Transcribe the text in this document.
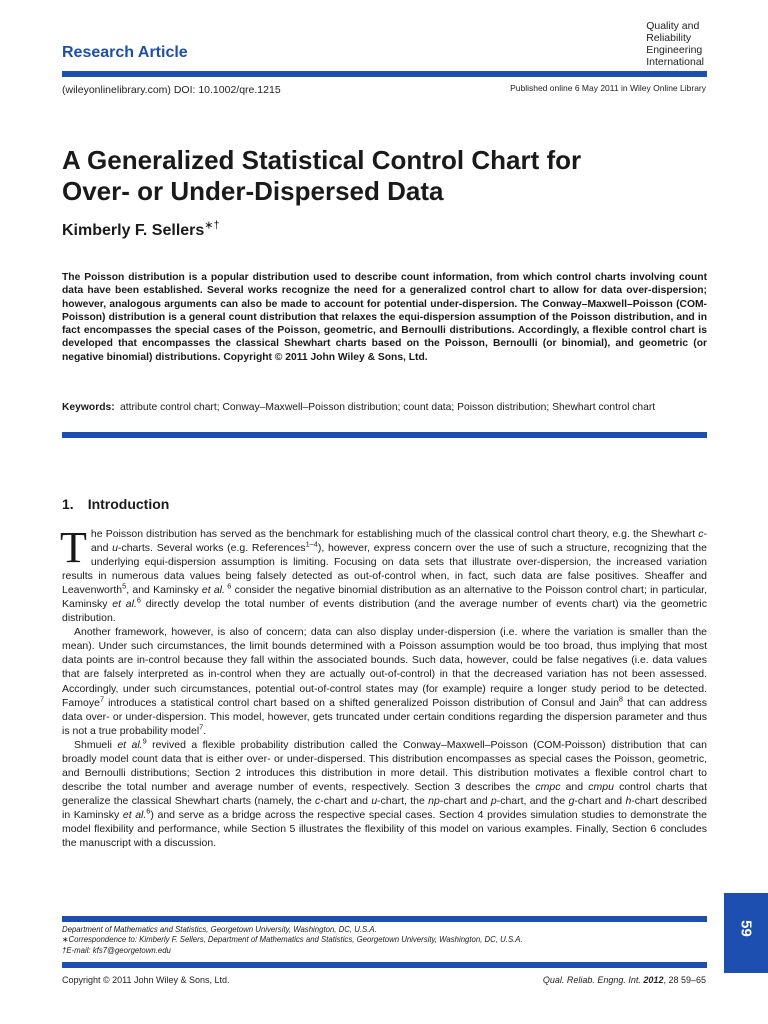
Quality and
Reliability
Engineering
International
Research Article
(wileyonlinelibrary.com) DOI: 10.1002/qre.1215	Published online 6 May 2011 in Wiley Online Library
A Generalized Statistical Control Chart for
Over- or Under-Dispersed Data
Kimberly F. Sellers∗†
The Poisson distribution is a popular distribution used to describe count information, from which control charts involving count data have been established. Several works recognize the need for a generalized control chart to allow for data over-dispersion; however, analogous arguments can also be made to account for potential under-dispersion. The Conway–Maxwell–Poisson (COM-Poisson) distribution is a general count distribution that relaxes the equi-dispersion assumption of the Poisson distribution, and in fact encompasses the special cases of the Poisson, geometric, and Bernoulli distributions. Accordingly, a flexible control chart is developed that encompasses the classical Shewhart charts based on the Poisson, Bernoulli (or binomial), and geometric (or negative binomial) distributions. Copyright © 2011 John Wiley & Sons, Ltd.
Keywords: attribute control chart; Conway–Maxwell–Poisson distribution; count data; Poisson distribution; Shewhart control chart
1. Introduction

The Poisson distribution has served as the benchmark for establishing much of the classical control chart theory, e.g. the Shewhart c- and u-charts. Several works (e.g. References$^{1-4}$), however, express concern over the use of such a structure, recognizing that the underlying equi-dispersion assumption is limiting. Focusing on data sets that illustrate over-dispersion, the increased variation results in numerous data values being falsely detected as out-of-control when, in fact, such data are false positives. Sheaffer and Leavenworth$^5$, and Kaminsky et al. $^6$ consider the negative binomial distribution as an alternative to the Poisson control chart; in particular, Kaminsky et al.$^6$ directly develop the total number of events distribution (and the average number of events chart) via the geometric distribution.

Another framework, however, is also of concern; data can also display under-dispersion (i.e. where the variation is smaller than the mean). Under such circumstances, the limit bounds determined with a Poisson assumption would be too broad, thus implying that most data points are in-control because they fall within the associated bounds. Such data, however, could be false negatives (i.e. data values that are falsely interpreted as in-control when they are actually out-of-control) in that the decreased variation has not been assessed. Accordingly, under such circumstances, potential out-of-control states may (for example) require a longer study period to be detected. Famoye$^7$ introduces a statistical control chart based on a shifted generalized Poisson distribution of Consul and Jain$^8$ that can address data over- or under-dispersion. This model, however, gets truncated under certain conditions regarding the dispersion parameter and thus is not a true probability model$^7$.

Shmueli et al.$^9$ revived a flexible probability distribution called the Conway–Maxwell–Poisson (COM-Poisson) distribution that can broadly model count data that is either over- or under-dispersed. This distribution encompasses as special cases the Poisson, geometric, and Bernoulli distributions; Section 2 introduces this distribution in more detail. This distribution motivates a flexible control chart to describe the total number and average number of events, respectively. Section 3 describes the cmpc and cmpu control charts that generalize the classical Shewhart charts (namely, the c-chart and u-chart, the np-chart and p-chart, and the g-chart and h-chart described in Kaminsky et al.$^6$) and serve as a bridge across the respective special cases. Section 4 provides simulation studies to demonstrate the model flexibility and performance, while Section 5 illustrates the flexibility of this model on various examples. Finally, Section 6 concludes the manuscript with a discussion.

Department of Mathematics and Statistics, Georgetown University, Washington, DC, U.S.A.
∗Correspondence to: Kimberly F. Sellers, Department of Mathematics and Statistics, Georgetown University, Washington, DC, U.S.A.
†E-mail: kfs7@georgetown.edu
Copyright © 2011 John Wiley & Sons, Ltd.	Qual. Reliab. Engng. Int. 2012, 28 59–65
59
